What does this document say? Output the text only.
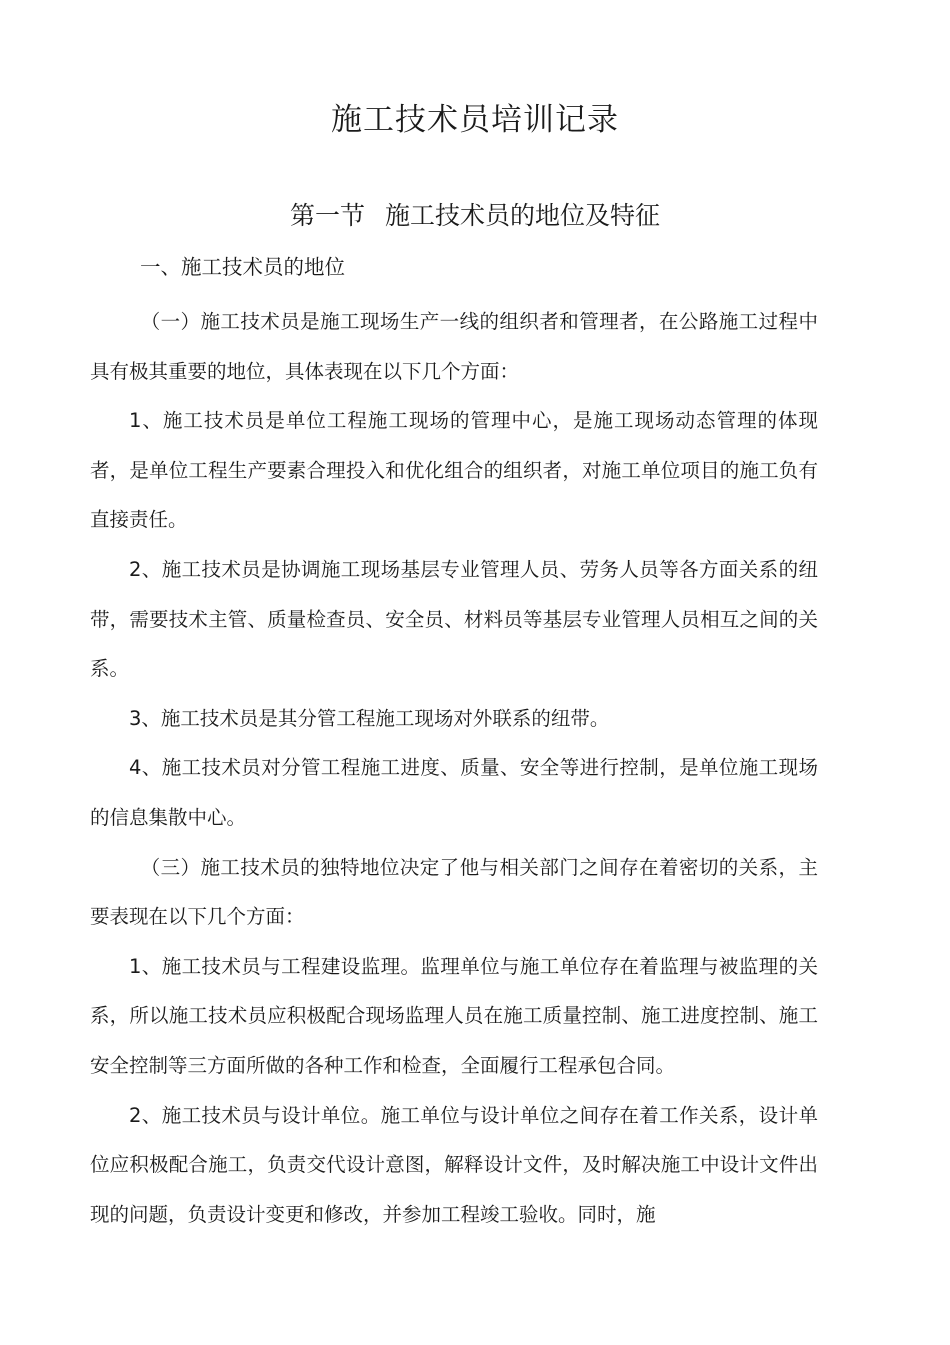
施工技术员培训记录
第一节 施工技术员的地位及特征
一、施工技术员的地位

（一）施工技术员是施工现场生产一线的组织者和管理者，在公路施工过程中具有极其重要的地位，具体表现在以下几个方面：

1、施工技术员是单位工程施工现场的管理中心，是施工现场动态管理的体现者，是单位工程生产要素合理投入和优化组合的组织者，对施工单位项目的施工负有直接责任。

2、施工技术员是协调施工现场基层专业管理人员、劳务人员等各方面关系的纽带，需要技术主管、质量检查员、安全员、材料员等基层专业管理人员相互之间的关系。

3、施工技术员是其分管工程施工现场对外联系的纽带。

4、施工技术员对分管工程施工进度、质量、安全等进行控制，是单位施工现场的信息集散中心。

（三）施工技术员的独特地位决定了他与相关部门之间存在着密切的关系，主要表现在以下几个方面：

1、施工技术员与工程建设监理。监理单位与施工单位存在着监理与被监理的关系，所以施工技术员应积极配合现场监理人员在施工质量控制、施工进度控制、施工安全控制等三方面所做的各种工作和检查，全面履行工程承包合同。

2、施工技术员与设计单位。施工单位与设计单位之间存在着工作关系，设计单位应积极配合施工，负责交代设计意图，解释设计文件，及时解决施工中设计文件出现的问题，负责设计变更和修改，并参加工程竣工验收。同时，施
